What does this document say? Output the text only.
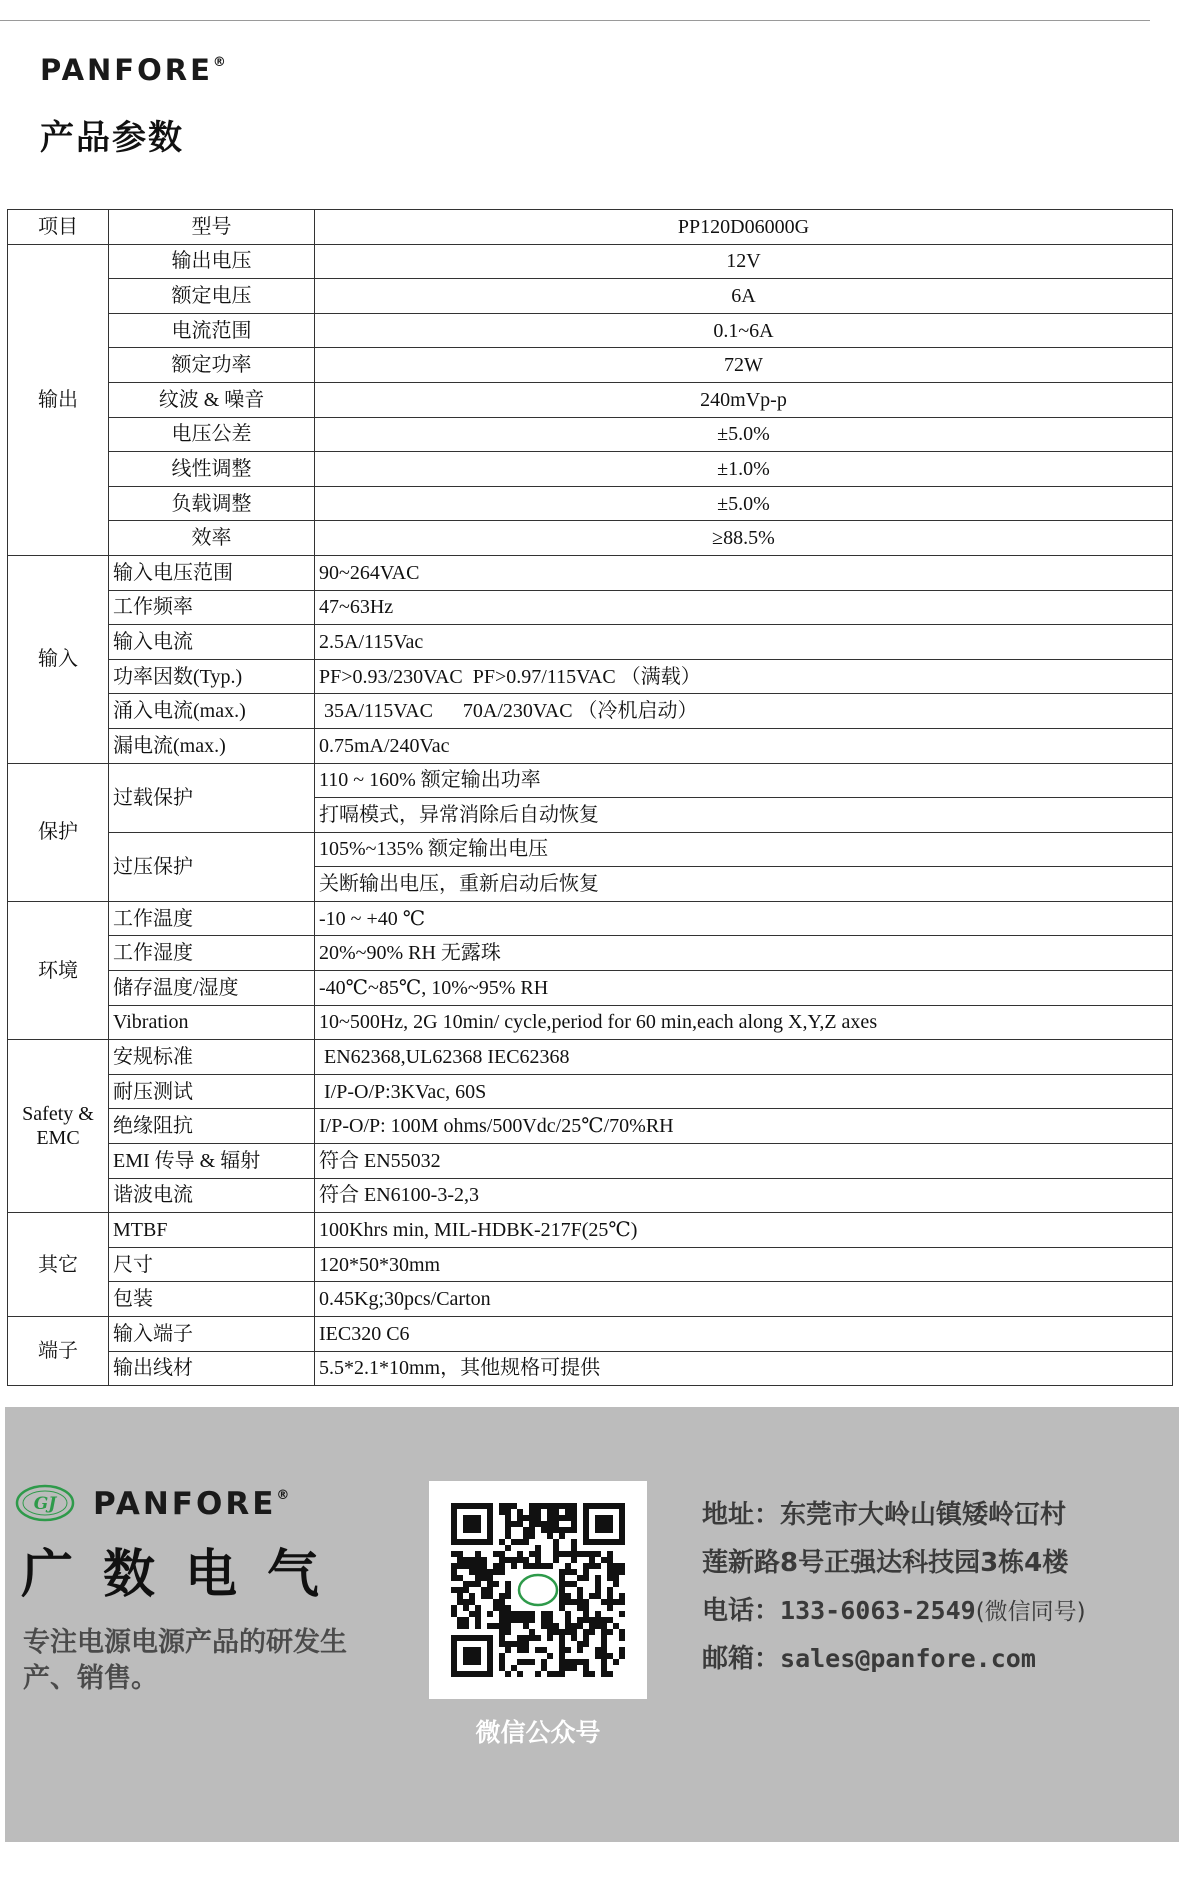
PANFORE®
产品参数
项目	型号	PP120D06000G
输出	输出电压	12V
	额定电压	6A
	电流范围	0.1~6A
	额定功率	72W
	纹波 & 噪音	240mVp-p
	电压公差	±5.0%
	线性调整	±1.0%
	负载调整	±5.0%
	效率	≥88.5%
输入	输入电压范围	90~264VAC
	工作频率	47~63Hz
	输入电流	2.5A/115Vac
	功率因数(Typ.)	PF>0.93/230VAC  PF>0.97/115VAC （满载）
	涌入电流(max.)	35A/115VAC      70A/230VAC （冷机启动）
	漏电流(max.)	0.75mA/240Vac
保护	过载保护	110 ~ 160% 额定输出功率
		打嗝模式，异常消除后自动恢复
	过压保护	105%~135% 额定输出电压
		关断输出电压，重新启动后恢复
环境	工作温度	-10 ~ +40 ℃
	工作湿度	20%~90% RH 无露珠
	储存温度/湿度	-40℃~85℃, 10%~95% RH
	Vibration	10~500Hz, 2G 10min/ cycle,period for 60 min,each along X,Y,Z axes
Safety &
EMC	安规标准	EN62368,UL62368 IEC62368
	耐压测试	I/P-O/P:3KVac, 60S
	绝缘阻抗	I/P-O/P: 100M ohms/500Vdc/25℃/70%RH
	EMI 传导 & 辐射	符合 EN55032
	谐波电流	符合 EN6100-3-2,3
其它	MTBF	100Khrs min, MIL-HDBK-217F(25℃)
	尺寸	120*50*30mm
	包装	0.45Kg;30pcs/Carton
端子	输入端子	IEC320 C6
	输出线材	5.5*2.1*10mm，其他规格可提供
GJ PANFORE®
广数电气
专注电源电源产品的研发生产、销售。
微信公众号
地址：东莞市大岭山镇矮岭冚村
莲新路8号正强达科技园3栋4楼
电话：133-6063-2549(微信同号)
邮箱：sales@panfore.com
